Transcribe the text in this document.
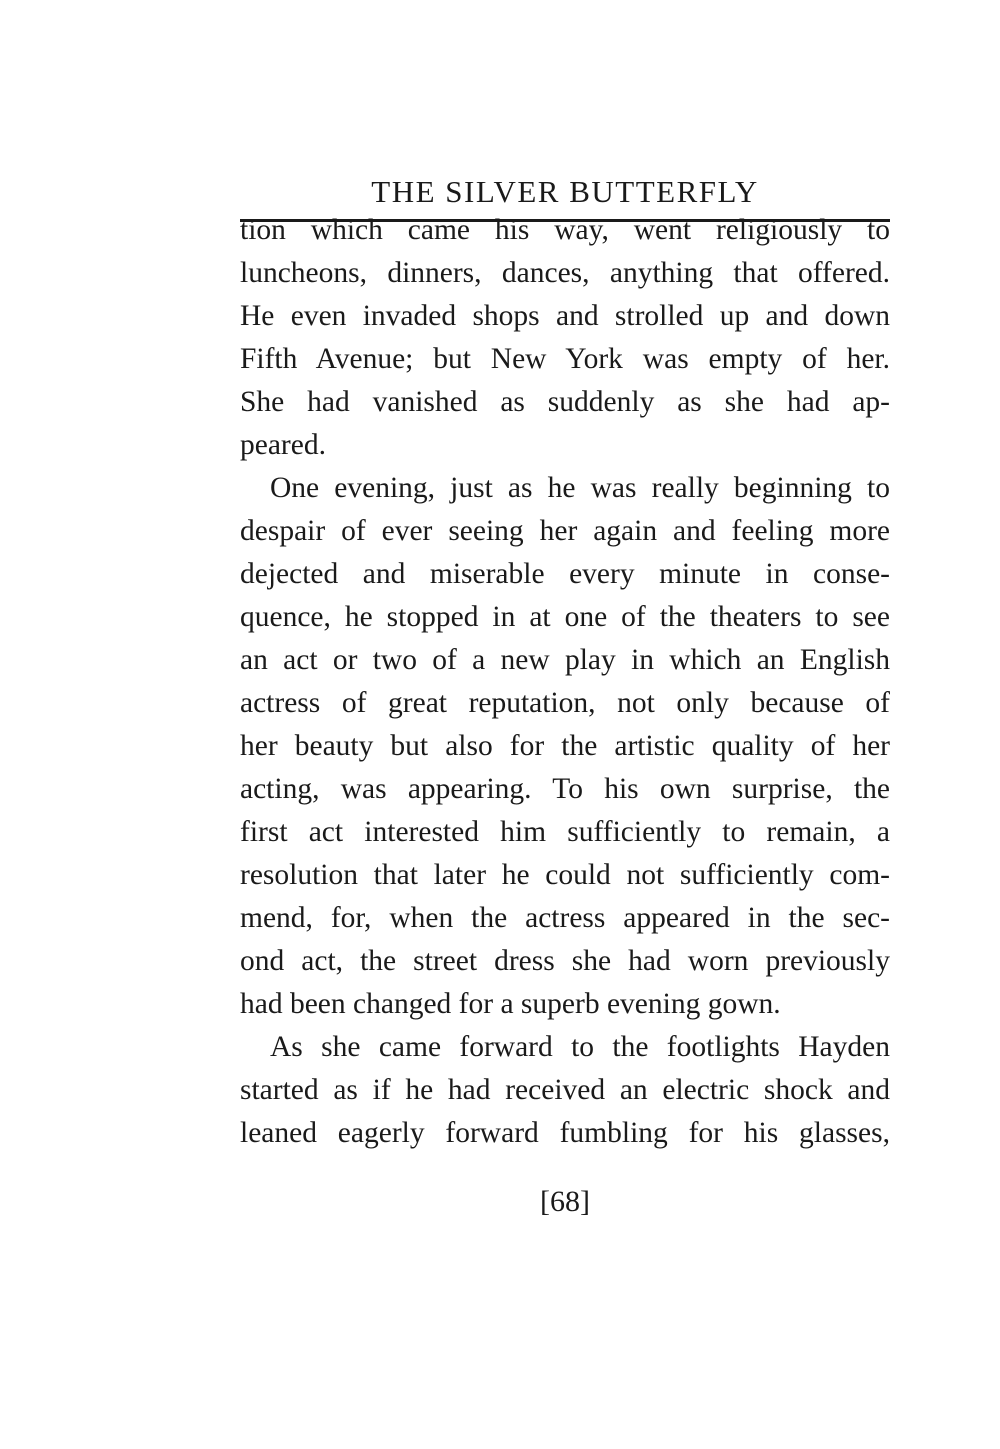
THE SILVER BUTTERFLY
tion which came his way, went religiously to
luncheons, dinners, dances, anything that offered.
He even invaded shops and strolled up and down
Fifth Avenue; but New York was empty of her.
She had vanished as suddenly as she had ap-
peared.
One evening, just as he was really beginning to
despair of ever seeing her again and feeling more
dejected and miserable every minute in conse-
quence, he stopped in at one of the theaters to see
an act or two of a new play in which an English
actress of great reputation, not only because of
her beauty but also for the artistic quality of her
acting, was appearing. To his own surprise, the
first act interested him sufficiently to remain, a
resolution that later he could not sufficiently com-
mend, for, when the actress appeared in the sec-
ond act, the street dress she had worn previously
had been changed for a superb evening gown.
As she came forward to the footlights Hayden
started as if he had received an electric shock and
leaned eagerly forward fumbling for his glasses,
[68]
